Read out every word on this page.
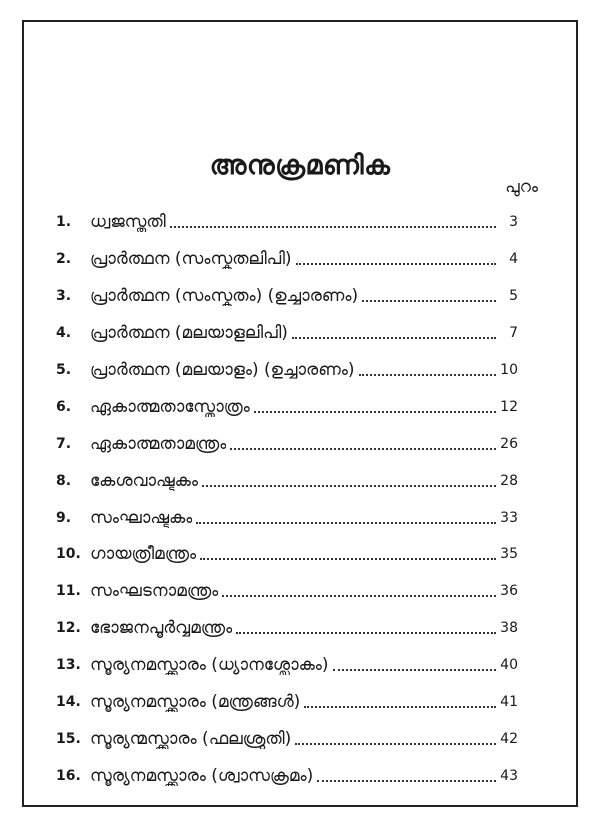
അനുക്രമണിക
പുറം
1.	ധ്വജസ്തുതി	3
2.	പ്രാർത്ഥന (സംസ്കൃതലിപി)	4
3.	പ്രാർത്ഥന (സംസ്കൃതം) (ഉച്ചാരണം)	5
4.	പ്രാർത്ഥന (മലയാളലിപി)	7
5.	പ്രാർത്ഥന (മലയാളം) (ഉച്ചാരണം)	10
6.	ഏകാത്മതാസ്തോത്രം	12
7.	ഏകാത്മതാമന്ത്രം	26
8.	കേശവാഷ്ടകം	28
9.	സംഘാഷ്ടകം	33
10. ഗായത്രീമന്ത്രം	35
11. സംഘടനാമന്ത്രം	36
12. ഭോജനപൂർവ്വമന്ത്രം	38
13. സൂര്യനമസ്ക്കാരം (ധ്യാനശ്ലോകം)	40
14. സൂര്യനമസ്ക്കാരം (മന്ത്രങ്ങൾ)	41
15. സൂര്യന്മസ്ക്കാരം (ഫലശ്രുതി)	42
16. സൂര്യനമസ്ക്കാരം (ശ്വാസക്രമം)	43
